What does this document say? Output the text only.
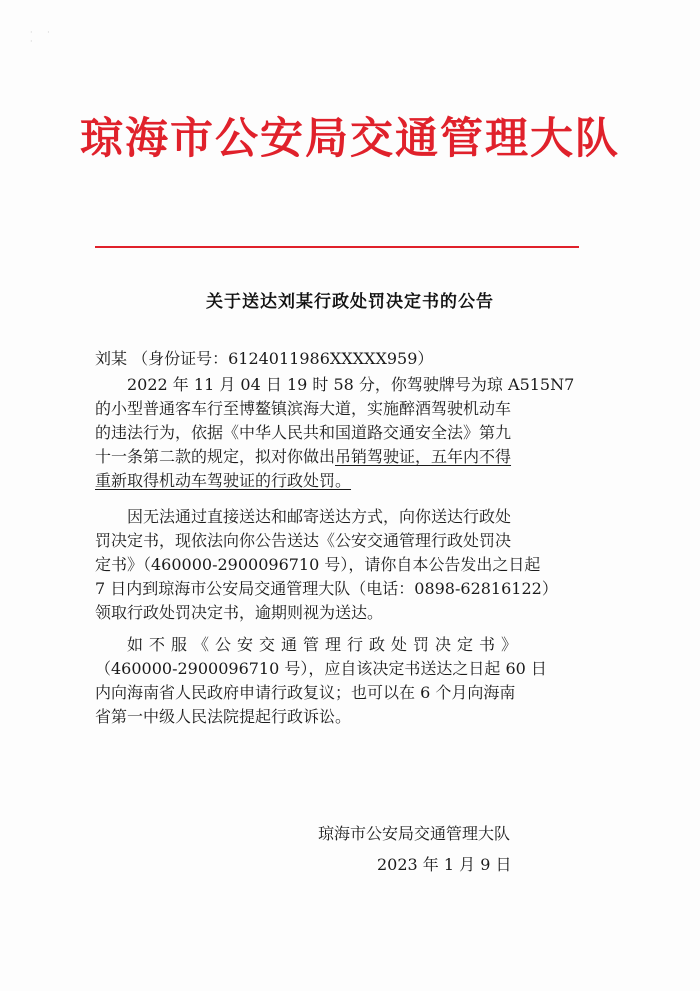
· · ·
琼海市公安局交通管理大队
关于送达刘某行政处罚决定书的公告
刘某 （身份证号：6124011986XXXXX959）
2022 年 11 月 04 日 19 时 58 分，你驾驶牌号为琼 A515N7
的小型普通客车行至博鳌镇滨海大道，实施醉酒驾驶机动车
的违法行为，依据《中华人民共和国道路交通安全法》第九
十一条第二款的规定，拟对你做出吊销驾驶证，五年内不得
重新取得机动车驾驶证的行政处罚。
因无法通过直接送达和邮寄送达方式，向你送达行政处
罚决定书，现依法向你公告送达《公安交通管理行政处罚决
定书》（460000-2900096710 号），请你自本公告发出之日起
7 日内到琼海市公安局交通管理大队（电话：0898-62816122）
领取行政处罚决定书，逾期则视为送达。
如不服《公安交通管理行政处罚决定书》
（460000-2900096710 号），应自该决定书送达之日起 60 日
内向海南省人民政府申请行政复议；也可以在 6 个月向海南
省第一中级人民法院提起行政诉讼。
琼海市公安局交通管理大队
2023 年 1 月 9 日
